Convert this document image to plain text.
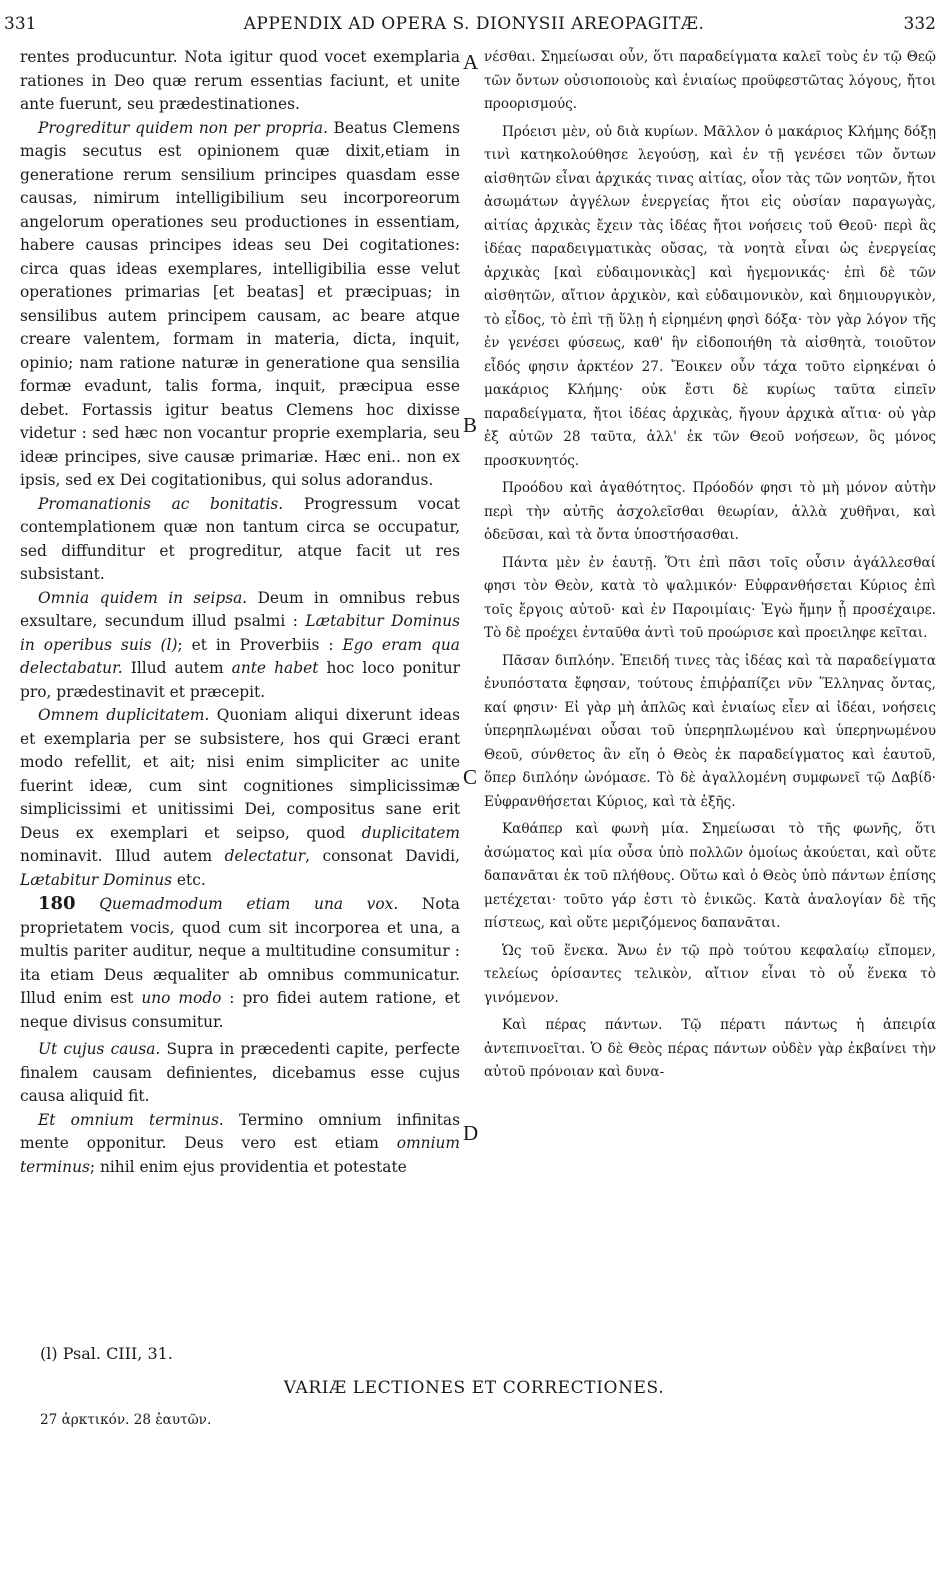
331	APPENDIX AD OPERA S. DIONYSII AREOPAGITÆ.	332

rentes producuntur. Nota igitur quod vocet exemplaria rationes in Deo quæ rerum essentias faciunt, et unite ante fuerunt, seu prædestinationes.

Progreditur quidem non per propria. Beatus Clemens magis secutus est opinionem quæ dixit,etiam in generatione rerum sensilium principes quasdam esse causas, nimirum intelligibilium seu incorporeorum angelorum operationes seu productiones in essentiam, habere causas principes ideas seu Dei cogitationes: circa quas ideas exemplares, intelligibilia esse velut operationes primarias [et beatas] et præcipuas; in sensilibus autem principem causam, ac beare atque creare valentem, formam in materia, dicta, inquit, opinio; nam ratione naturæ in generatione qua sensilia formæ evadunt, talis forma, inquit, præcipua esse debet. Fortassis igitur beatus Clemens hoc dixisse videtur : sed hæc non vocantur proprie exemplaria, seu ideæ principes, sive causæ primariæ. Hæc eni.. non ex ipsis, sed ex Dei cogitationibus, qui solus adorandus.

Promanationis ac bonitatis. Progressum vocat contemplationem quæ non tantum circa se occupatur, sed diffunditur et progreditur, atque facit ut res subsistant.

Omnia quidem in seipsa. Deum in omnibus rebus exsultare, secundum illud psalmi : Lætabitur Dominus in operibus suis (l); et in Proverbiis : Ego eram qua delectabatur. Illud autem ante habet hoc loco ponitur pro, prædestinavit et præcepit.

Omnem duplicitatem. Quoniam aliqui dixerunt ideas et exemplaria per se subsistere, hos qui Græci erant modo refellit, et ait; nisi enim simpliciter ac unite fuerint ideæ, cum sint cognitiones simplicissimæ simplicissimi et unitissimi Dei, compositus sane erit Deus ex exemplari et seipso, quod duplicitatem nominavit. Illud autem delectatur, consonat Davidi, Lætabitur Dominus etc.

180 Quemadmodum etiam una vox. Nota proprietatem vocis, quod cum sit incorporea et una, a multis pariter auditur, neque a multitudine consumitur : ita etiam Deus æqualiter ab omnibus communicatur. Illud enim est uno modo : pro fidei autem ratione, et neque divisus consumitur.

Ut cujus causa. Supra in præcedenti capite, perfecte finalem causam definientes, dicebamus esse cujus causa aliquid fit.

Et omnium terminus. Termino omnium infinitas mente opponitur. Deus vero est etiam omnium terminus; nihil enim ejus providentia et potestate

A
B
C
D

νέσθαι. Σημείωσαι οὖν, ὅτι παραδείγματα καλεῖ τοὺς ἐν τῷ Θεῷ τῶν ὄντων οὐσιοποιοὺς καὶ ἑνιαίως προϋφεστῶτας λόγους, ἤτοι προορισμούς.

Πρόεισι μὲν, οὐ διὰ κυρίων. Μᾶλλον ὁ μακάριος Κλήμης δόξῃ τινὶ κατηκολούθησε λεγούσῃ, καὶ ἐν τῇ γενέσει τῶν ὄντων αἰσθητῶν εἶναι ἀρχικάς τινας αἰτίας, οἷον τὰς τῶν νοητῶν, ἤτοι ἀσωμάτων ἀγγέλων ἐνεργείας ἤτοι εἰς οὐσίαν παραγωγὰς, αἰτίας ἀρχικὰς ἔχειν τὰς ἰδέας ἤτοι νοήσεις τοῦ Θεοῦ· περὶ ἃς ἰδέας παραδειγματικὰς οὔσας, τὰ νοητὰ εἶναι ὡς ἐνεργείας ἀρχικὰς [καὶ εὐδαιμονικὰς] καὶ ἡγεμονικάς· ἐπὶ δὲ τῶν αἰσθητῶν, αἴτιον ἀρχικὸν, καὶ εὐδαιμονικὸν, καὶ δημιουργικὸν, τὸ εἶδος, τὸ ἐπὶ τῇ ὕλῃ ἡ εἰρημένη φησὶ δόξα· τὸν γὰρ λόγον τῆς ἐν γενέσει φύσεως, καθ' ἣν εἰδοποιήθη τὰ αἰσθητὰ, τοιοῦτον εἶδός φησιν ἀρκτέον 27. Ἔοικεν οὖν τάχα τοῦτο εἰρηκέναι ὁ μακάριος Κλήμης· οὐκ ἔστι δὲ κυρίως ταῦτα εἰπεῖν παραδείγματα, ἤτοι ἰδέας ἀρχικὰς, ἤγουν ἀρχικὰ αἴτια· οὐ γὰρ ἐξ αὐτῶν 28 ταῦτα, ἀλλ' ἐκ τῶν Θεοῦ νοήσεων, ὃς μόνος προσκυνητός.

Προόδου καὶ ἀγαθότητος. Πρόοδόν φησι τὸ μὴ μόνον αὐτὴν περὶ τὴν αὐτῆς ἀσχολεῖσθαι θεωρίαν, ἀλλὰ χυθῆναι, καὶ ὁδεῦσαι, καὶ τὰ ὄντα ὑποστήσασθαι.

Πάντα μὲν ἐν ἑαυτῇ. Ὅτι ἐπὶ πᾶσι τοῖς οὖσιν ἀγάλλεσθαί φησι τὸν Θεὸν, κατὰ τὸ ψαλμικόν· Εὐφρανθήσεται Κύριος ἐπὶ τοῖς ἔργοις αὐτοῦ· καὶ ἐν Παροιμίαις· Ἐγὼ ἤμην ᾗ προσέχαιρε. Τὸ δὲ προέχει ἐνταῦθα ἀντὶ τοῦ προώρισε καὶ προειληφε κεῖται.

Πᾶσαν διπλόην. Ἐπειδή τινες τὰς ἰδέας καὶ τὰ παραδείγματα ἐνυπόστατα ἔφησαν, τούτους ἐπιῤῥαπίζει νῦν Ἕλληνας ὄντας, καί φησιν· Εἰ γὰρ μὴ ἁπλῶς καὶ ἑνιαίως εἶεν αἱ ἰδέαι, νοήσεις ὑπερηπλωμέναι οὖσαι τοῦ ὑπερηπλωμένου καὶ ὑπερηνωμένου Θεοῦ, σύνθετος ἂν εἴη ὁ Θεὸς ἐκ παραδείγματος καὶ ἑαυτοῦ, ὅπερ διπλόην ὠνόμασε. Τὸ δὲ ἀγαλλομένη συμφωνεῖ τῷ Δαβίδ· Εὐφρανθήσεται Κύριος, καὶ τὰ ἑξῆς.

Καθάπερ καὶ φωνὴ μία. Σημείωσαι τὸ τῆς φωνῆς, ὅτι ἀσώματος καὶ μία οὖσα ὑπὸ πολλῶν ὁμοίως ἀκούεται, καὶ οὔτε δαπανᾶται ἐκ τοῦ πλήθους. Οὕτω καὶ ὁ Θεὸς ὑπὸ πάντων ἐπίσης μετέχεται· τοῦτο γάρ ἐστι τὸ ἑνικῶς. Κατὰ ἀναλογίαν δὲ τῆς πίστεως, καὶ οὔτε μεριζόμενος δαπανᾶται.

Ὡς τοῦ ἕνεκα. Ἄνω ἐν τῷ πρὸ τούτου κεφαλαίῳ εἴπομεν, τελείως ὁρίσαντες τελικὸν, αἴτιον εἶναι τὸ οὗ ἕνεκα τὸ γινόμενον.

Καὶ πέρας πάντων. Τῷ πέρατι πάντως ἡ ἀπειρία ἀντεπινοεῖται. Ὁ δὲ Θεὸς πέρας πάντων οὐδὲν γὰρ ἐκβαίνει τὴν αὐτοῦ πρόνοιαν καὶ δυνα-

(l) Psal. CIII, 31.
VARIÆ LECTIONES ET CORRECTIONES.
27 ἀρκτικόν. 28 ἑαυτῶν.
